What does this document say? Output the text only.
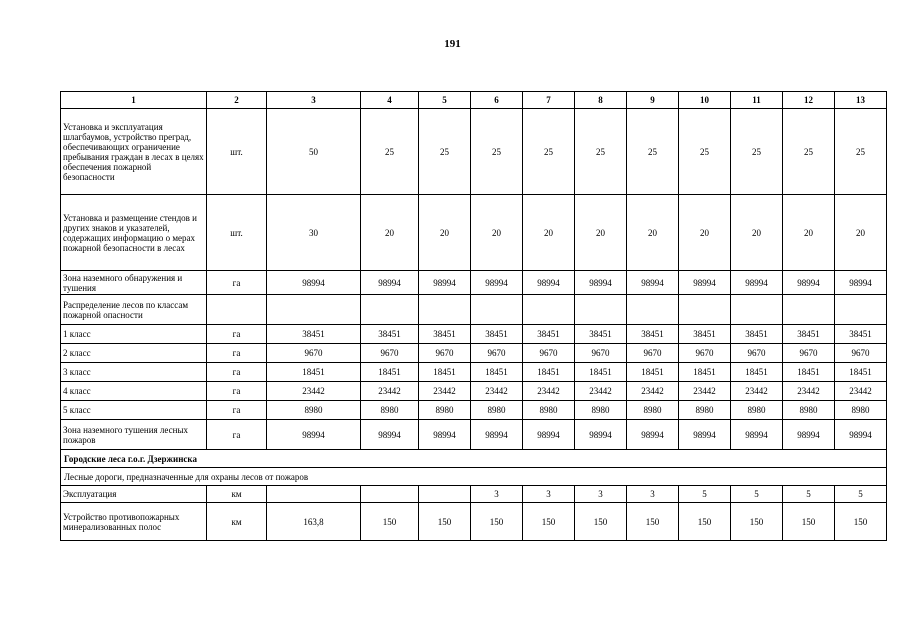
191
1	2	3	4	5	6	7	8	9	10	11	12	13
Установка и эксплуатация шлагбаумов, устройство преград, обеспечивающих ограничение пребывания граждан в лесах в целях обеспечения пожарной безопасности	шт.	50	25	25	25	25	25	25	25	25	25	25
Установка и размещение стендов и других знаков и указателей, содержащих информацию о мерах пожарной безопасности в лесах	шт.	30	20	20	20	20	20	20	20	20	20	20
Зона наземного обнаружения и тушения	га	98994	98994	98994	98994	98994	98994	98994	98994	98994	98994	98994
Распределение лесов по классам пожарной опасности												
1 класс	га	38451	38451	38451	38451	38451	38451	38451	38451	38451	38451	38451
2 класс	га	9670	9670	9670	9670	9670	9670	9670	9670	9670	9670	9670
3 класс	га	18451	18451	18451	18451	18451	18451	18451	18451	18451	18451	18451
4 класс	га	23442	23442	23442	23442	23442	23442	23442	23442	23442	23442	23442
5 класс	га	8980	8980	8980	8980	8980	8980	8980	8980	8980	8980	8980
Зона наземного тушения лесных пожаров	га	98994	98994	98994	98994	98994	98994	98994	98994	98994	98994	98994
Городские леса г.о.г. Дзержинска												
Лесные дороги, предназначенные для охраны лесов от пожаров												
Эксплуатация	км				3	3	3	3	5	5	5	5
Устройство противопожарных минерализованных полос	км	163,8	150	150	150	150	150	150	150	150	150	150
